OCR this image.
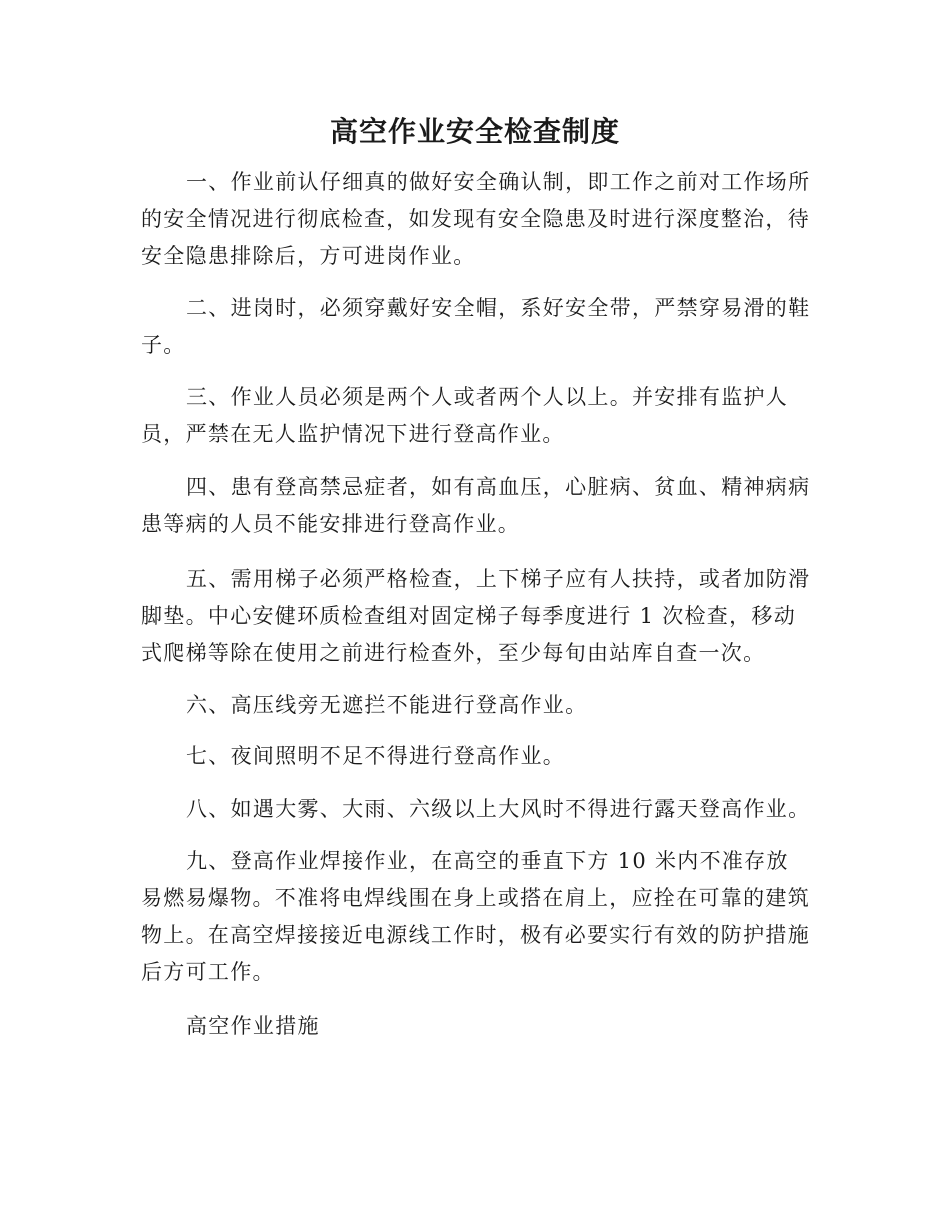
高空作业安全检查制度

一、作业前认仔细真的做好安全确认制，即工作之前对工作场所的安全情况进行彻底检查，如发现有安全隐患及时进行深度整治，待安全隐患排除后，方可进岗作业。

二、进岗时，必须穿戴好安全帽，系好安全带，严禁穿易滑的鞋子。

三、作业人员必须是两个人或者两个人以上。并安排有监护人员，严禁在无人监护情况下进行登高作业。

四、患有登高禁忌症者，如有高血压，心脏病、贫血、精神病病患等病的人员不能安排进行登高作业。

五、需用梯子必须严格检查，上下梯子应有人扶持，或者加防滑脚垫。中心安健环质检查组对固定梯子每季度进行 1 次检查，移动式爬梯等除在使用之前进行检查外，至少每旬由站库自查一次。

六、高压线旁无遮拦不能进行登高作业。

七、夜间照明不足不得进行登高作业。

八、如遇大雾、大雨、六级以上大风时不得进行露天登高作业。

九、登高作业焊接作业，在高空的垂直下方 10 米内不准存放易燃易爆物。不准将电焊线围在身上或搭在肩上，应拴在可靠的建筑物上。在高空焊接接近电源线工作时，极有必要实行有效的防护措施后方可工作。

高空作业措施
